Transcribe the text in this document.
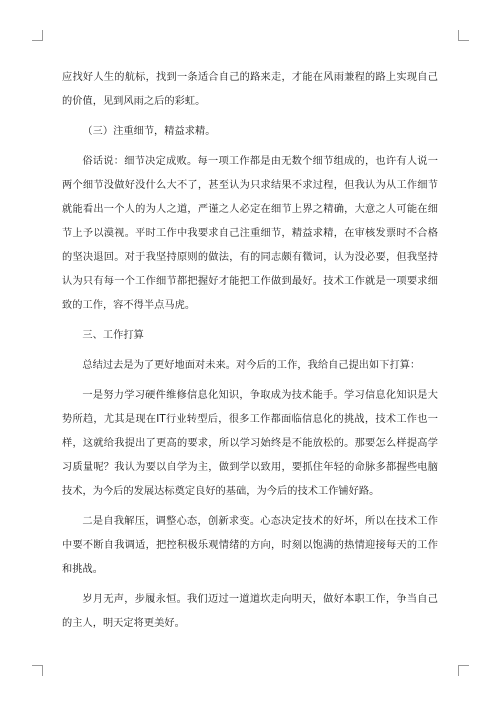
应找好人生的航标，找到一条适合自己的路来走，才能在风雨兼程的路上实现自己的价值，见到风雨之后的彩虹。

（三）注重细节，精益求精。

俗话说：细节决定成败。每一项工作都是由无数个细节组成的，也许有人说一两个细节没做好没什么大不了，甚至认为只求结果不求过程，但我认为从工作细节就能看出一个人的为人之道，严谨之人必定在细节上界之精确，大意之人可能在细节上予以漠视。平时工作中我要求自己注重细节，精益求精，在审核发票时不合格的坚决退回。对于我坚持原则的做法，有的同志颇有微词，认为没必要，但我坚持认为只有每一个工作细节都把握好才能把工作做到最好。技术工作就是一项要求细致的工作，容不得半点马虎。

三、工作打算

总结过去是为了更好地面对未来。对今后的工作，我给自己提出如下打算：

一是努力学习硬件维修信息化知识，争取成为技术能手。学习信息化知识是大势所趋，尤其是现在IT行业转型后，很多工作都面临信息化的挑战，技术工作也一样，这就给我提出了更高的要求，所以学习始终是不能放松的。那要怎么样提高学习质量呢？我认为要以自学为主，做到学以致用，要抓住年轻的命脉多都握些电脑技术，为今后的发展达标奠定良好的基础，为今后的技术工作铺好路。

二是自我解压，调整心态，创新求变。心态决定技术的好坏，所以在技术工作中要不断自我调适，把控积极乐观情绪的方向，时刻以饱满的热情迎接每天的工作和挑战。

岁月无声，步履永恒。我们迈过一道道坎走向明天，做好本职工作，争当自己的主人，明天定将更美好。
